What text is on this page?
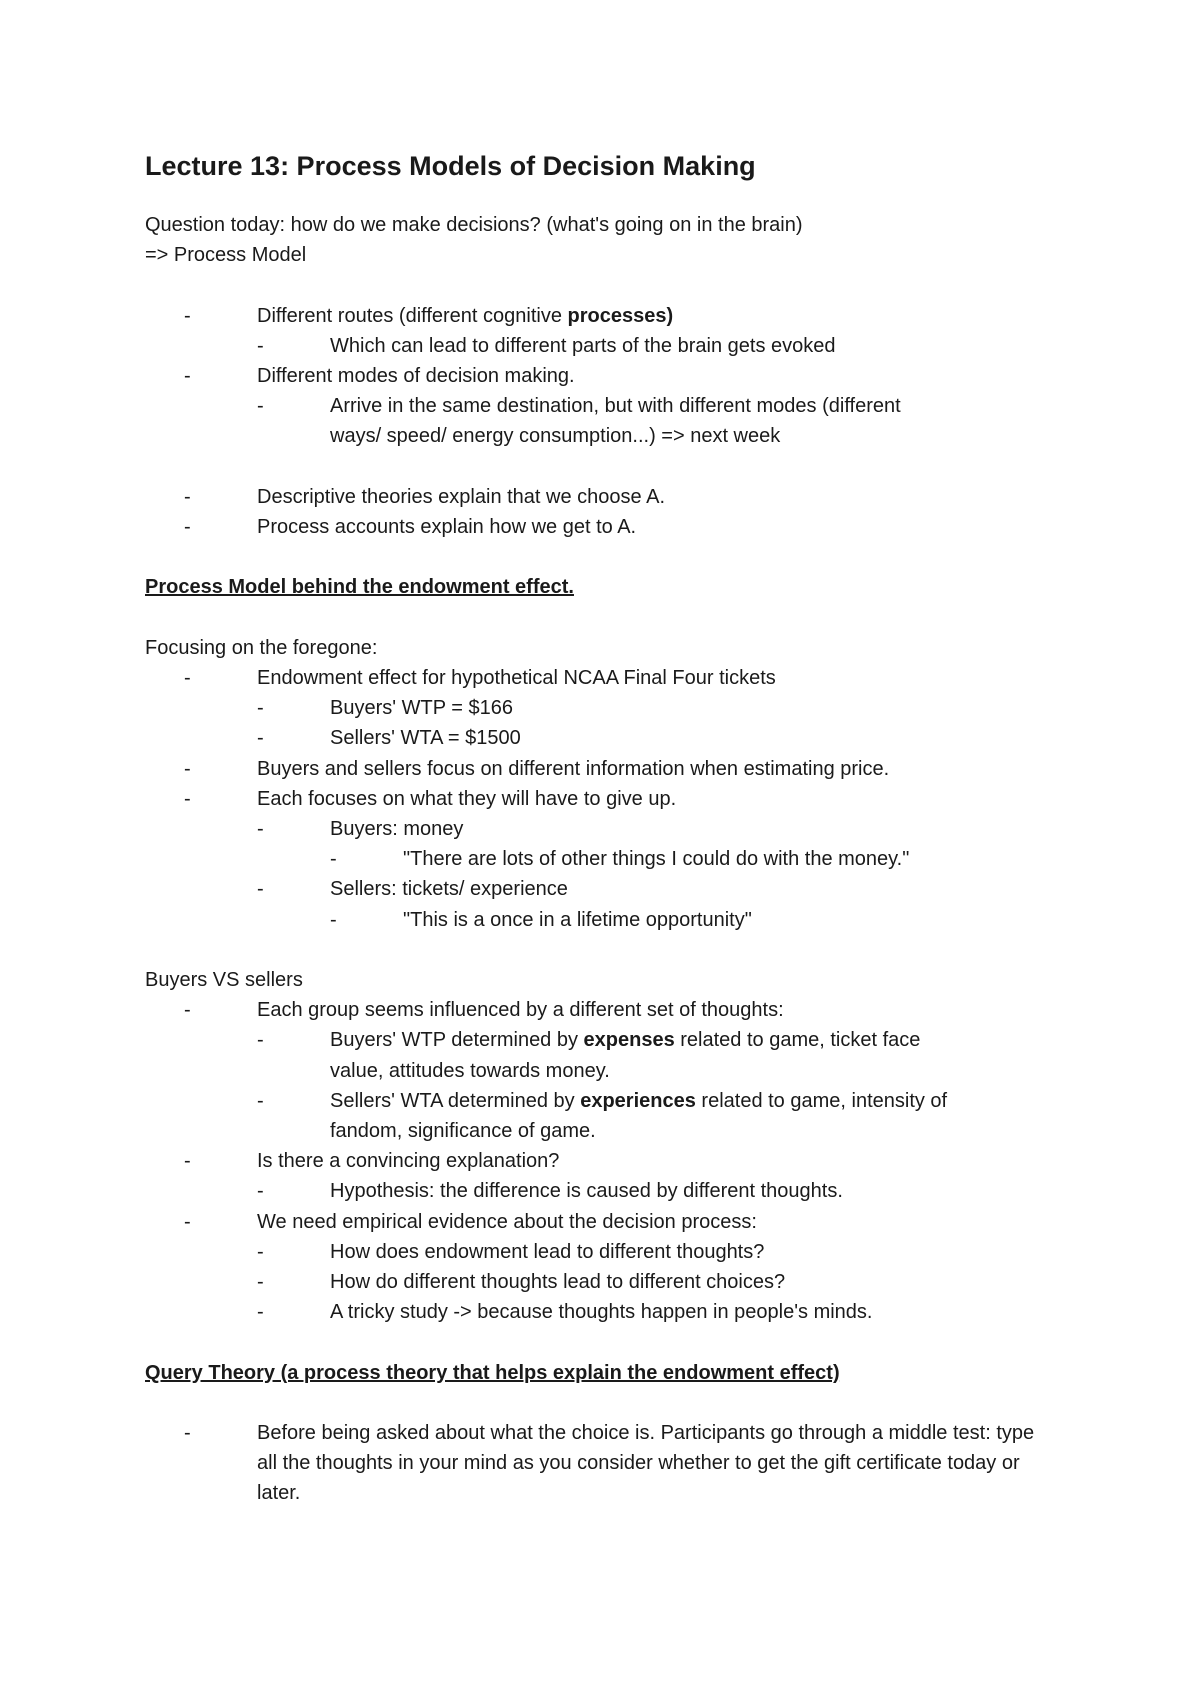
Lecture 13: Process Models of Decision Making
Question today: how do we make decisions? (what's going on in the brain)
=> Process Model
-	Different routes (different cognitive processes)
-	Which can lead to different parts of the brain gets evoked
-	Different modes of decision making.
-	Arrive in the same destination, but with different modes (different ways/ speed/ energy consumption...) => next week
-	Descriptive theories explain that we choose A.
-	Process accounts explain how we get to A.
Process Model behind the endowment effect.
Focusing on the foregone:
-	Endowment effect for hypothetical NCAA Final Four tickets
-	Buyers' WTP = $166
-	Sellers' WTA = $1500
-	Buyers and sellers focus on different information when estimating price.
-	Each focuses on what they will have to give up.
-	Buyers: money
-	"There are lots of other things I could do with the money."
-	Sellers: tickets/ experience
-	"This is a once in a lifetime opportunity"
Buyers VS sellers
-	Each group seems influenced by a different set of thoughts:
-	Buyers' WTP determined by expenses related to game, ticket face value, attitudes towards money.
-	Sellers' WTA determined by experiences related to game, intensity of fandom, significance of game.
-	Is there a convincing explanation?
-	Hypothesis: the difference is caused by different thoughts.
-	We need empirical evidence about the decision process:
-	How does endowment lead to different thoughts?
-	How do different thoughts lead to different choices?
-	A tricky study -> because thoughts happen in people's minds.
Query Theory (a process theory that helps explain the endowment effect)
-	Before being asked about what the choice is. Participants go through a middle test: type all the thoughts in your mind as you consider whether to get the gift certificate today or later.
